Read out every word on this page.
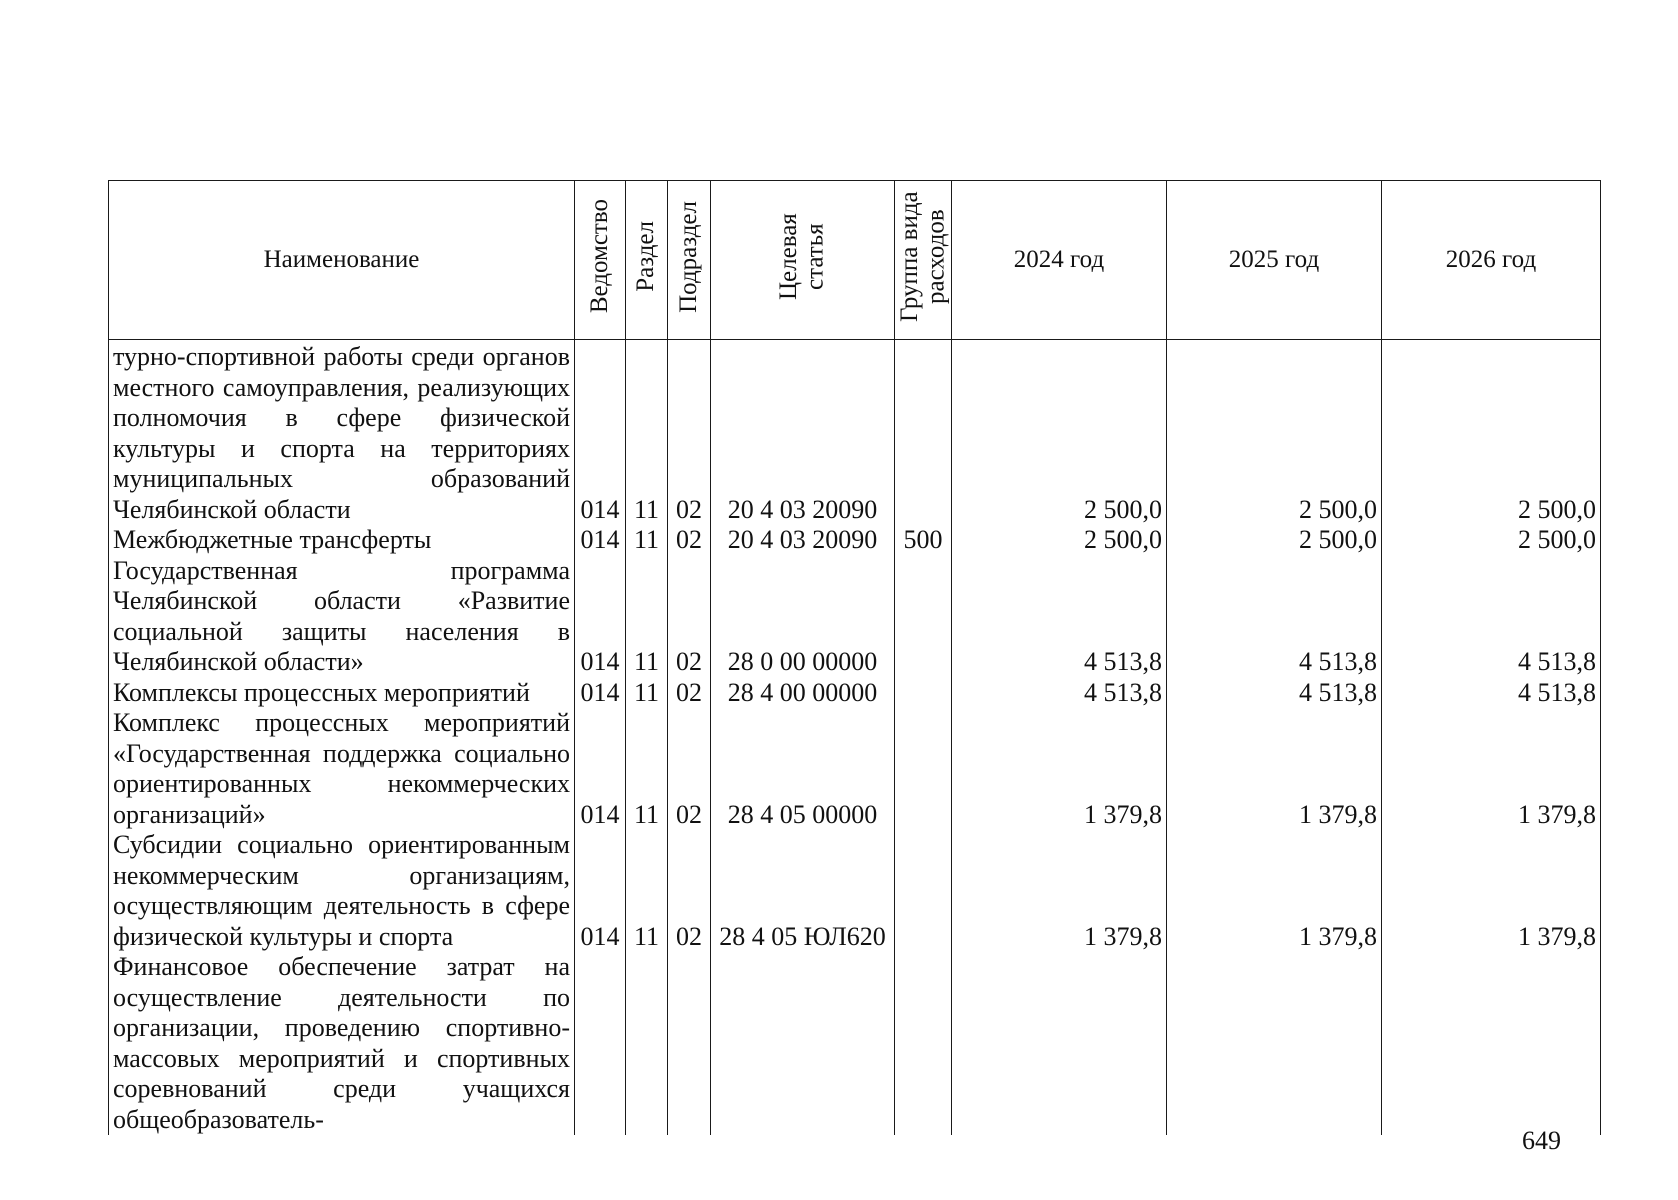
Наименование	Ведомство	Раздел	Подраздел	Целевая статья	Группа вида расходов	2024 год	2025 год	2026 год
турно-спортивной работы среди органов местного самоуправления, реализующих полномочия в сфере физической культуры и спорта на территориях муниципальных образований Челябинской области	014	11	02	20 4 03 20090		2 500,0	2 500,0	2 500,0
Межбюджетные трансферты	014	11	02	20 4 03 20090	500	2 500,0	2 500,0	2 500,0
Государственная программа Челябинской области «Развитие социальной защиты населения в Челябинской области»	014	11	02	28 0 00 00000		4 513,8	4 513,8	4 513,8
Комплексы процессных мероприятий	014	11	02	28 4 00 00000		4 513,8	4 513,8	4 513,8
Комплекс процессных мероприятий «Государственная поддержка социально ориентированных некоммерческих организаций»	014	11	02	28 4 05 00000		1 379,8	1 379,8	1 379,8
Субсидии социально ориентированным некоммерческим организациям, осуществляющим деятельность в сфере физической культуры и спорта	014	11	02	28 4 05 ЮЛ620		1 379,8	1 379,8	1 379,8
Финансовое обеспечение затрат на осуществление деятельности по организации, проведению спортивно-массовых мероприятий и спортивных соревнований среди учащихся общеобразователь-								
649
